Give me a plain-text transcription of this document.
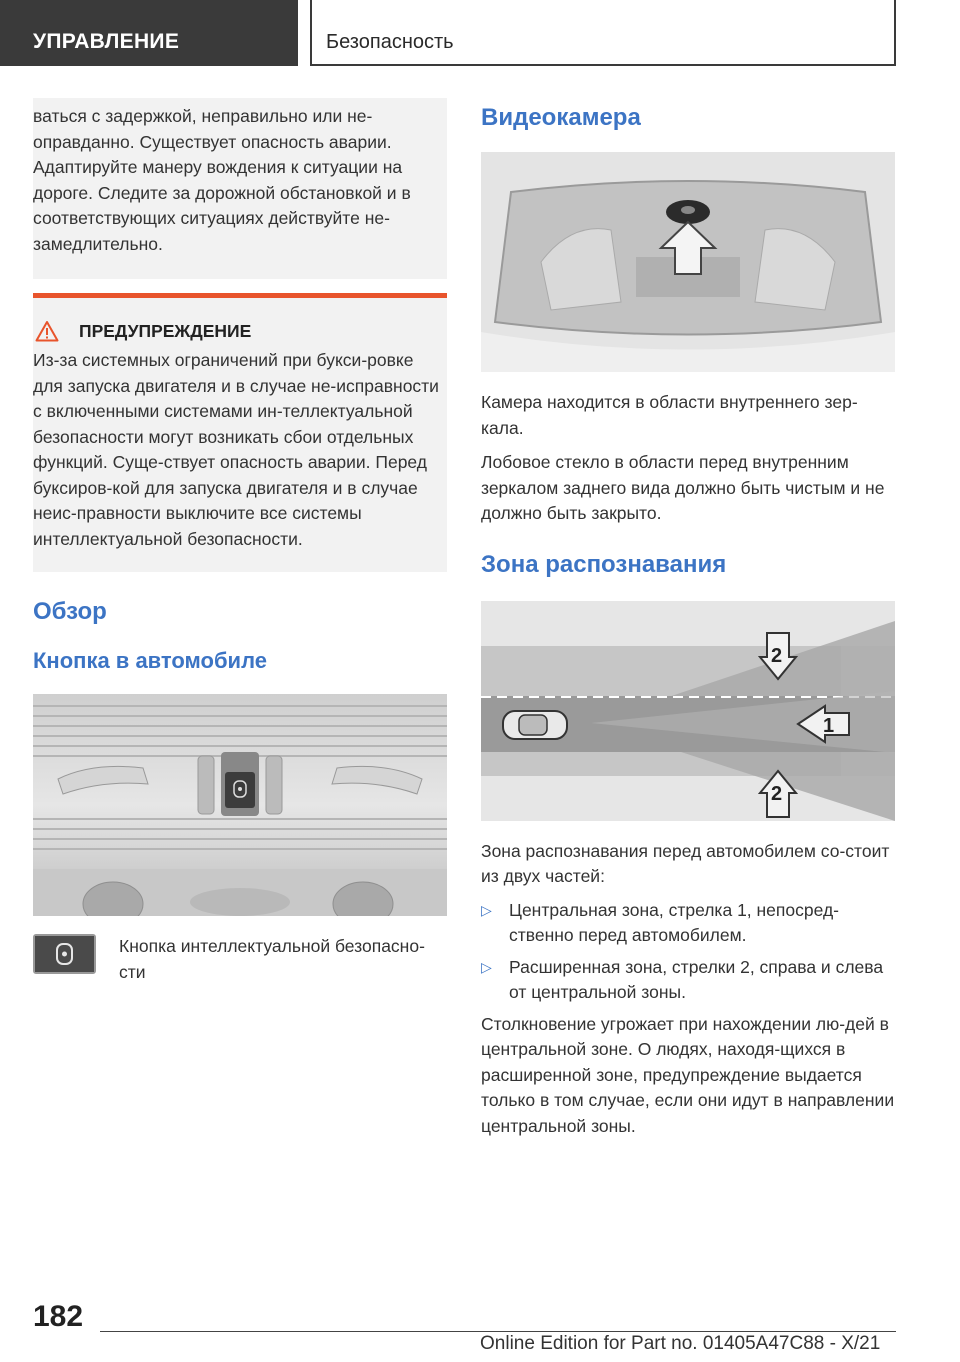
УПРАВЛЕНИЕ	Безопасность

ваться с задержкой, неправильно или не-оправданно. Существует опасность аварии. Адаптируйте манеру вождения к ситуации на дороге. Следите за дорожной обстановкой и в соответствующих ситуациях действуйте не-замедлительно.

ПРЕДУПРЕЖДЕНИЕ

Из-за системных ограничений при букси-ровке для запуска двигателя и в случае не-исправности с включенными системами ин-теллектуальной безопасности могут возникать сбои отдельных функций. Суще-ствует опасность аварии. Перед буксиров-кой для запуска двигателя и в случае неис-правности выключите все системы интеллектуальной безопасности.

Обзор
Кнопка в автомобиле

Кнопка интеллектуальной безопасно-сти

Видеокамера

Камера находится в области внутреннего зер-кала.

Лобовое стекло в области перед внутренним зеркалом заднего вида должно быть чистым и не должно быть закрыто.

Зона распознавания
1
2
2

Зона распознавания перед автомобилем со-стоит из двух частей:

▷ Центральная зона, стрелка 1, непосред-ственно перед автомобилем.

▷ Расширенная зона, стрелки 2, справа и слева от центральной зоны.

Столкновение угрожает при нахождении лю-дей в центральной зоне. О людях, находя-щихся в расширенной зоне, предупреждение выдается только в том случае, если они идут в направлении центральной зоны.

182
Online Edition for Part no. 01405A47C88 - X/21
